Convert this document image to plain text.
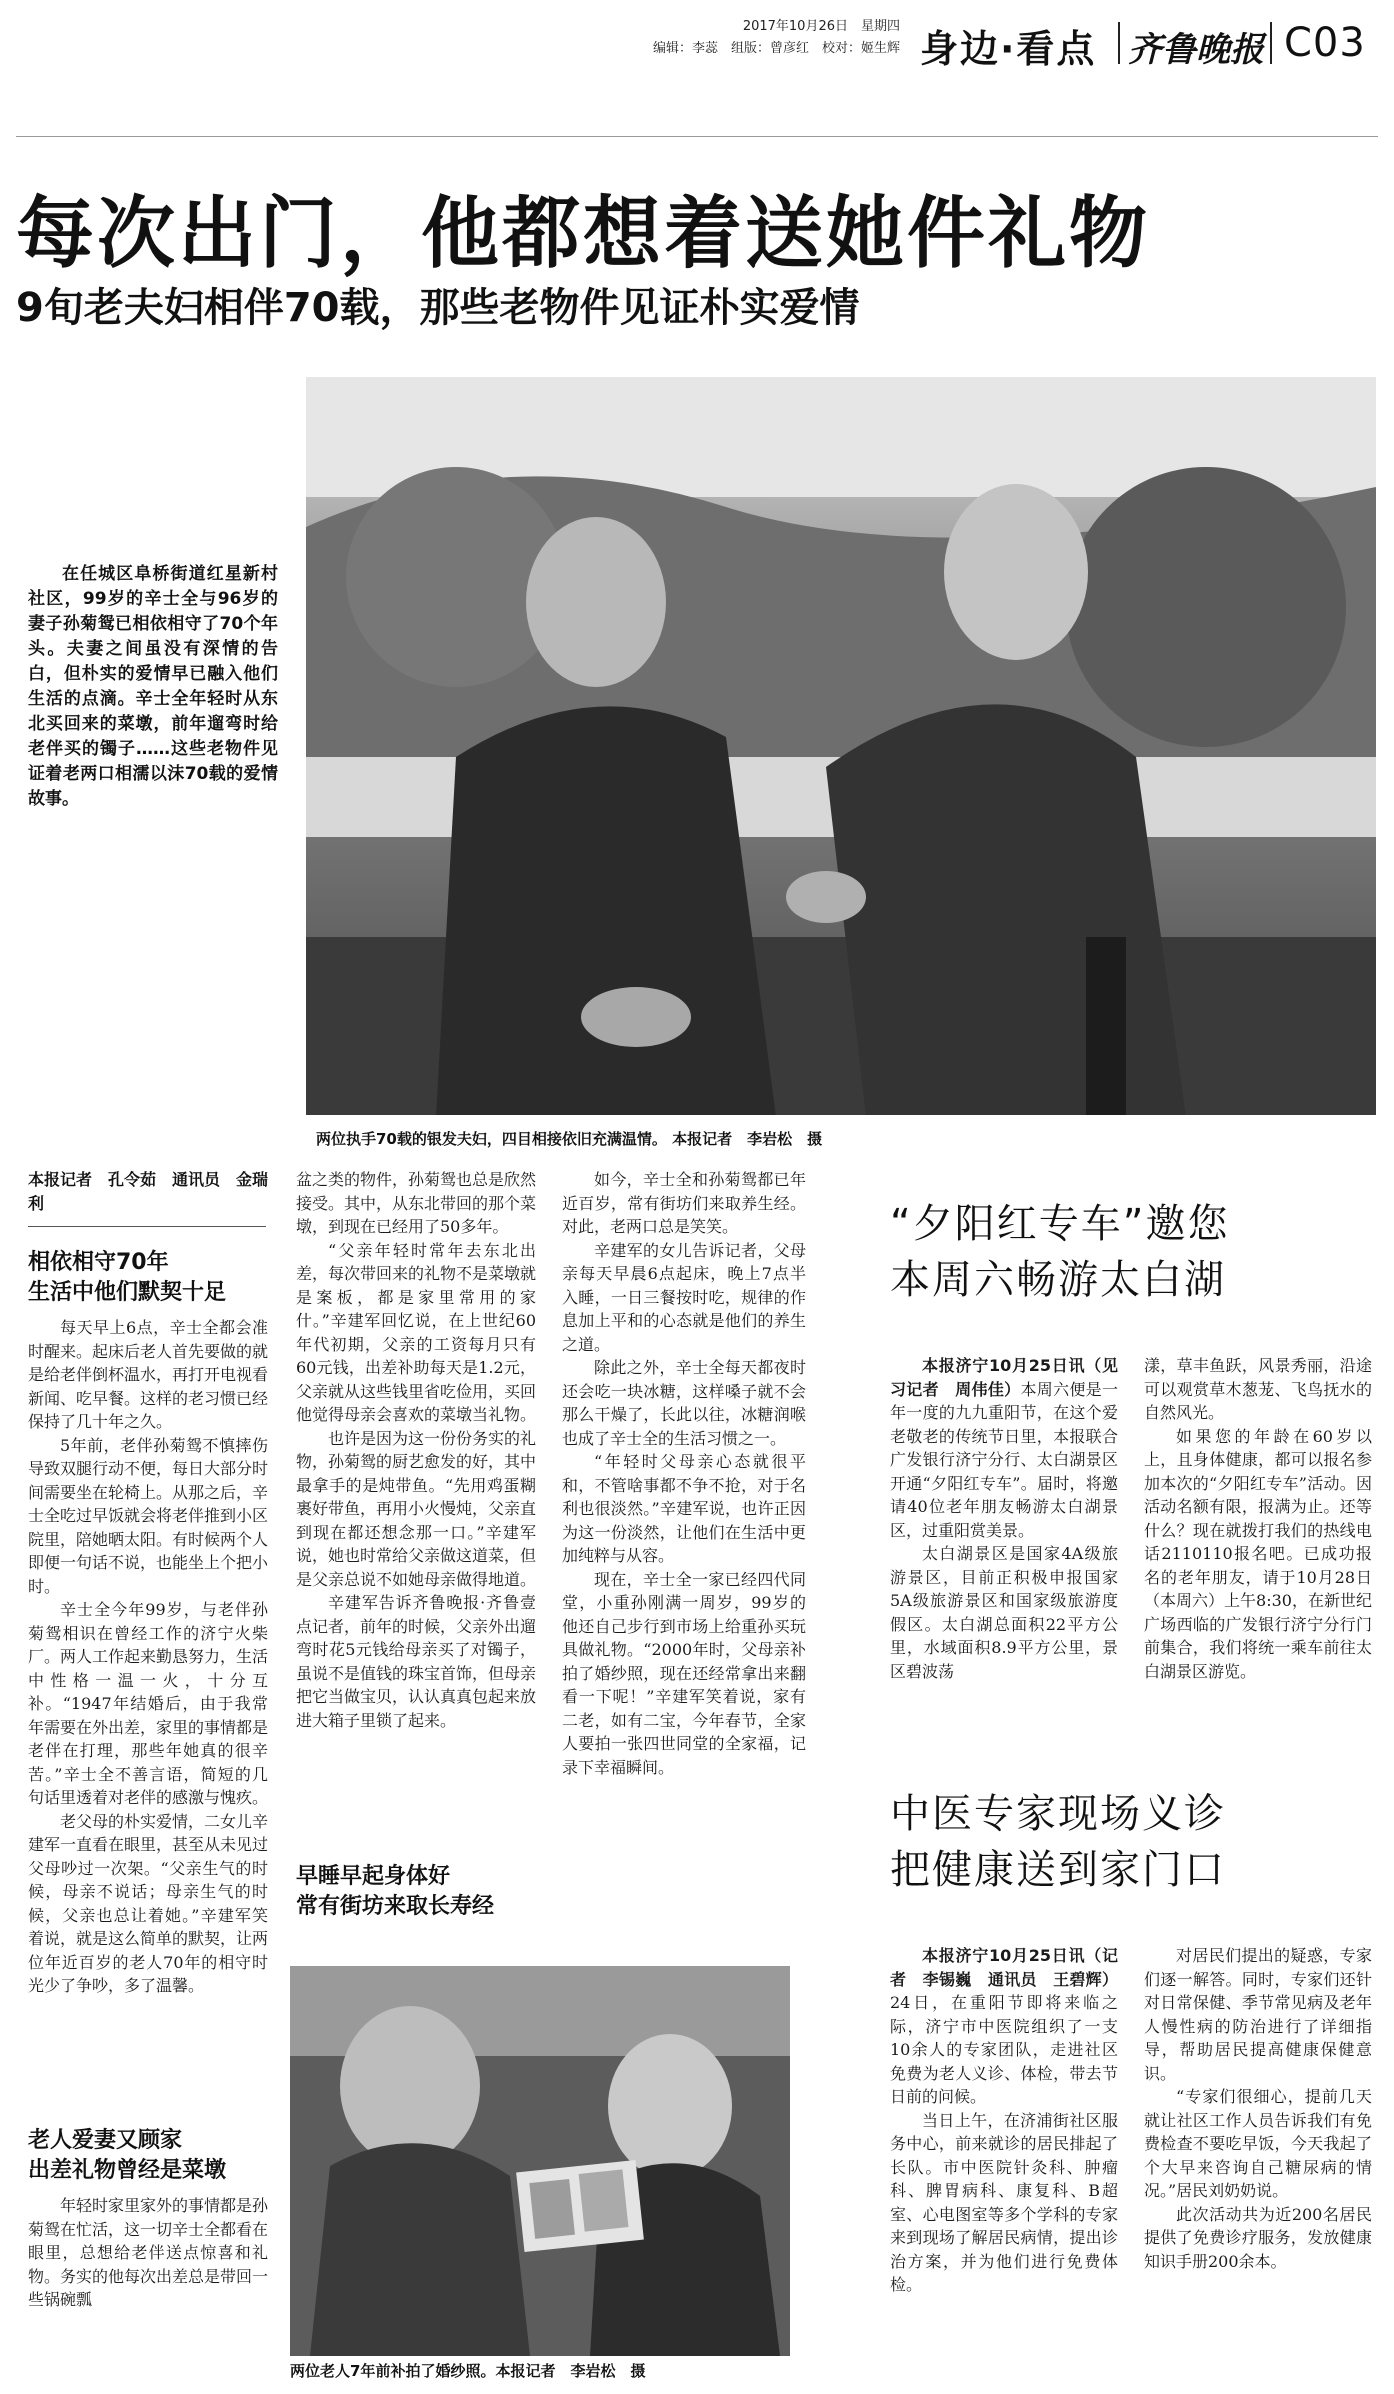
2017年10月26日　星期四
编辑：李蕊　组版：曾彦红　校对：姬生辉 身边·看点 齐鲁晚报 C03
每次出门，他都想着送她件礼物
9旬老夫妇相伴70载，那些老物件见证朴实爱情
在任城区阜桥街道红星新村社区，99岁的辛士全与96岁的妻子孙菊鸳已相依相守了70个年头。夫妻之间虽没有深情的告白，但朴实的爱情早已融入他们生活的点滴。辛士全年轻时从东北买回来的菜墩，前年遛弯时给老伴买的镯子……这些老物件见证着老两口相濡以沫70载的爱情故事。
两位执手70载的银发夫妇，四目相接依旧充满温情。 本报记者　李岩松　摄
本报记者　孔令茹　通讯员　金瑞利
相依相守70年
生活中他们默契十足

每天早上6点，辛士全都会准时醒来。起床后老人首先要做的就是给老伴倒杯温水，再打开电视看新闻、吃早餐。这样的老习惯已经保持了几十年之久。

5年前，老伴孙菊鸳不慎摔伤导致双腿行动不便，每日大部分时间需要坐在轮椅上。从那之后，辛士全吃过早饭就会将老伴推到小区院里，陪她晒太阳。有时候两个人即便一句话不说，也能坐上个把小时。

辛士全今年99岁，与老伴孙菊鸳相识在曾经工作的济宁火柴厂。两人工作起来勤恳努力，生活中性格一温一火，十分互补。“1947年结婚后，由于我常年需要在外出差，家里的事情都是老伴在打理，那些年她真的很辛苦。”辛士全不善言语，简短的几句话里透着对老伴的感激与愧疚。

老父母的朴实爱情，二女儿辛建军一直看在眼里，甚至从未见过父母吵过一次架。“父亲生气的时候，母亲不说话；母亲生气的时候，父亲也总让着她。”辛建军笑着说，就是这么简单的默契，让两位年近百岁的老人70年的相守时光少了争吵，多了温馨。

老人爱妻又顾家
出差礼物曾经是菜墩

年轻时家里家外的事情都是孙菊鸳在忙活，这一切辛士全都看在眼里，总想给老伴送点惊喜和礼物。务实的他每次出差总是带回一些锅碗瓢

盆之类的物件，孙菊鸳也总是欣然接受。其中，从东北带回的那个菜墩，到现在已经用了50多年。

“父亲年轻时常年去东北出差，每次带回来的礼物不是菜墩就是案板，都是家里常用的家什。”辛建军回忆说，在上世纪60年代初期，父亲的工资每月只有60元钱，出差补助每天是1.2元，父亲就从这些钱里省吃俭用，买回他觉得母亲会喜欢的菜墩当礼物。

也许是因为这一份份务实的礼物，孙菊鸳的厨艺愈发的好，其中最拿手的是炖带鱼。“先用鸡蛋糊裹好带鱼，再用小火慢炖，父亲直到现在都还想念那一口。”辛建军说，她也时常给父亲做这道菜，但是父亲总说不如她母亲做得地道。

辛建军告诉齐鲁晚报·齐鲁壹点记者，前年的时候，父亲外出遛弯时花5元钱给母亲买了对镯子，虽说不是值钱的珠宝首饰，但母亲把它当做宝贝，认认真真包起来放进大箱子里锁了起来。

早睡早起身体好
常有街坊来取长寿经

如今，辛士全和孙菊鸳都已年近百岁，常有街坊们来取养生经。对此，老两口总是笑笑。

辛建军的女儿告诉记者，父母亲每天早晨6点起床，晚上7点半入睡，一日三餐按时吃，规律的作息加上平和的心态就是他们的养生之道。

除此之外，辛士全每天都夜时还会吃一块冰糖，这样嗓子就不会那么干燥了，长此以往，冰糖润喉也成了辛士全的生活习惯之一。

“年轻时父母亲心态就很平和，不管啥事都不争不抢，对于名利也很淡然。”辛建军说，也许正因为这一份淡然，让他们在生活中更加纯粹与从容。

现在，辛士全一家已经四代同堂，小重孙刚满一周岁，99岁的他还自己步行到市场上给重孙买玩具做礼物。“2000年时，父母亲补拍了婚纱照，现在还经常拿出来翻看一下呢！”辛建军笑着说，家有二老，如有二宝，今年春节，全家人要拍一张四世同堂的全家福，记录下幸福瞬间。

两位老人7年前补拍了婚纱照。本报记者　李岩松　摄
“夕阳红专车”邀您
本周六畅游太白湖

本报济宁10月25日讯（见习记者　周伟佳）本周六便是一年一度的九九重阳节，在这个爱老敬老的传统节日里，本报联合广发银行济宁分行、太白湖景区开通“夕阳红专车”。届时，将邀请40位老年朋友畅游太白湖景区，过重阳赏美景。

太白湖景区是国家4A级旅游景区，目前正积极申报国家5A级旅游景区和国家级旅游度假区。太白湖总面积22平方公里，水域面积8.9平方公里，景区碧波荡

漾，草丰鱼跃，风景秀丽，沿途可以观赏草木葱茏、飞鸟抚水的自然风光。

如果您的年龄在60岁以上，且身体健康，都可以报名参加本次的“夕阳红专车”活动。因活动名额有限，报满为止。还等什么？现在就拨打我们的热线电话2110110报名吧。已成功报名的老年朋友，请于10月28日（本周六）上午8:30，在新世纪广场西临的广发银行济宁分行门前集合，我们将统一乘车前往太白湖景区游览。

中医专家现场义诊
把健康送到家门口

本报济宁10月25日讯（记者　李锡巍　通讯员　王碧辉）24日，在重阳节即将来临之际，济宁市中医院组织了一支10余人的专家团队，走进社区免费为老人义诊、体检，带去节日前的问候。

当日上午，在济浦街社区服务中心，前来就诊的居民排起了长队。市中医院针灸科、肿瘤科、脾胃病科、康复科、B超室、心电图室等多个学科的专家来到现场了解居民病情，提出诊治方案，并为他们进行免费体检。

对居民们提出的疑惑，专家们逐一解答。同时，专家们还针对日常保健、季节常见病及老年人慢性病的防治进行了详细指导，帮助居民提高健康保健意识。

“专家们很细心，提前几天就让社区工作人员告诉我们有免费检查不要吃早饭，今天我起了个大早来咨询自己糖尿病的情况。”居民刘奶奶说。

此次活动共为近200名居民提供了免费诊疗服务，发放健康知识手册200余本。
